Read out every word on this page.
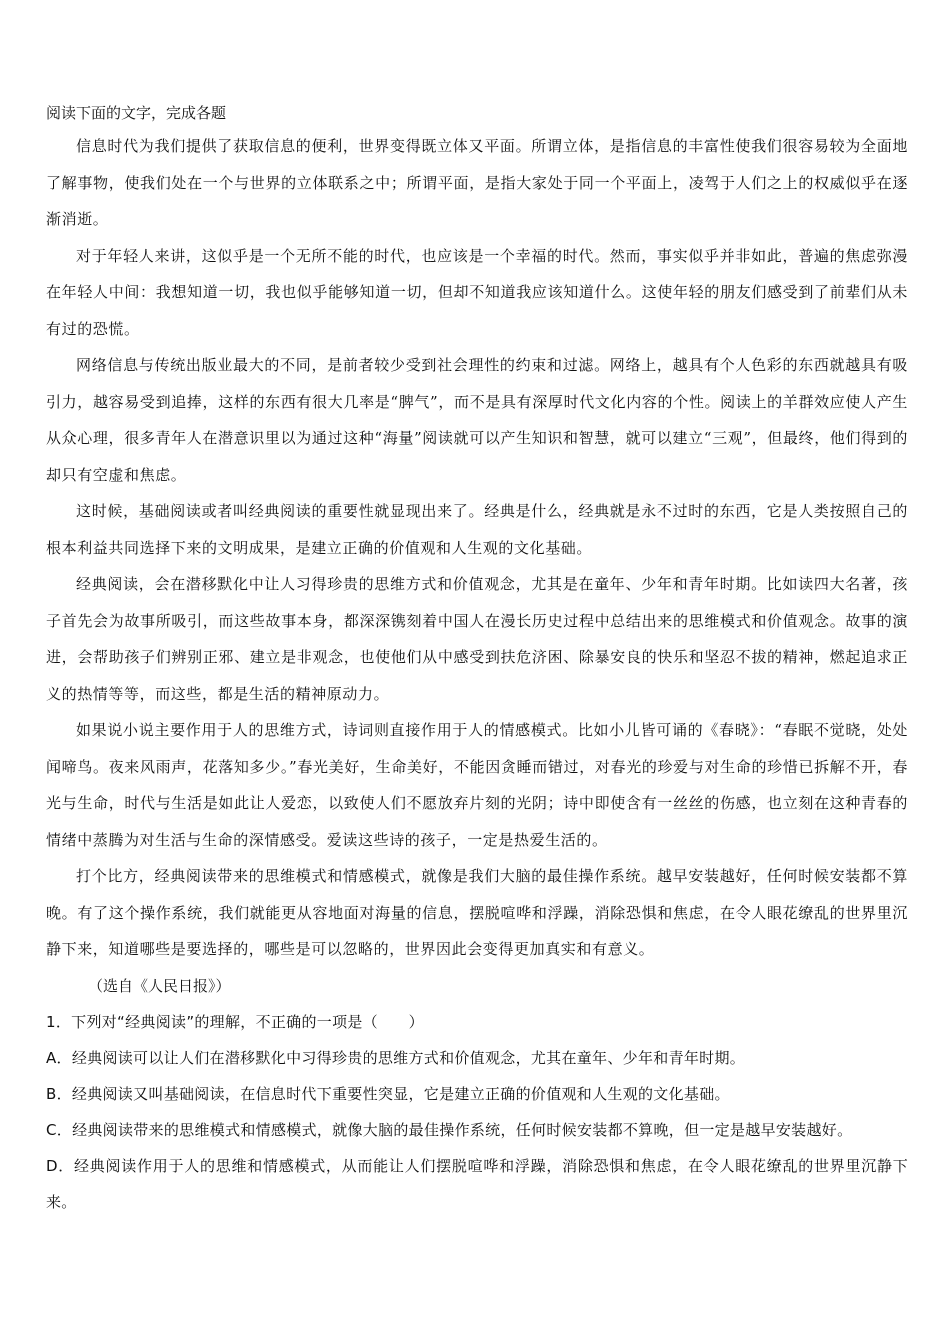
阅读下面的文字，完成各题

信息时代为我们提供了获取信息的便利，世界变得既立体又平面。所谓立体，是指信息的丰富性使我们很容易较为全面地了解事物，使我们处在一个与世界的立体联系之中；所谓平面，是指大家处于同一个平面上，凌驾于人们之上的权威似乎在逐渐消逝。

对于年轻人来讲，这似乎是一个无所不能的时代，也应该是一个幸福的时代。然而，事实似乎并非如此，普遍的焦虑弥漫在年轻人中间：我想知道一切，我也似乎能够知道一切，但却不知道我应该知道什么。这使年轻的朋友们感受到了前辈们从未有过的恐慌。

网络信息与传统出版业最大的不同，是前者较少受到社会理性的约束和过滤。网络上，越具有个人色彩的东西就越具有吸引力，越容易受到追捧，这样的东西有很大几率是“脾气”，而不是具有深厚时代文化内容的个性。阅读上的羊群效应使人产生从众心理，很多青年人在潜意识里以为通过这种“海量”阅读就可以产生知识和智慧，就可以建立“三观”，但最终，他们得到的却只有空虚和焦虑。

这时候，基础阅读或者叫经典阅读的重要性就显现出来了。经典是什么，经典就是永不过时的东西，它是人类按照自己的根本利益共同选择下来的文明成果，是建立正确的价值观和人生观的文化基础。

经典阅读，会在潜移默化中让人习得珍贵的思维方式和价值观念，尤其是在童年、少年和青年时期。比如读四大名著，孩子首先会为故事所吸引，而这些故事本身，都深深镌刻着中国人在漫长历史过程中总结出来的思维模式和价值观念。故事的演进，会帮助孩子们辨别正邪、建立是非观念，也使他们从中感受到扶危济困、除暴安良的快乐和坚忍不拔的精神，燃起追求正义的热情等等，而这些，都是生活的精神原动力。

如果说小说主要作用于人的思维方式，诗词则直接作用于人的情感模式。比如小儿皆可诵的《春晓》：“春眠不觉晓，处处闻啼鸟。夜来风雨声，花落知多少。”春光美好，生命美好，不能因贪睡而错过，对春光的珍爱与对生命的珍惜已拆解不开，春光与生命，时代与生活是如此让人爱恋，以致使人们不愿放弃片刻的光阴；诗中即使含有一丝丝的伤感，也立刻在这种青春的情绪中蒸腾为对生活与生命的深情感受。爱读这些诗的孩子，一定是热爱生活的。

打个比方，经典阅读带来的思维模式和情感模式，就像是我们大脑的最佳操作系统。越早安装越好，任何时候安装都不算晚。有了这个操作系统，我们就能更从容地面对海量的信息，摆脱喧哗和浮躁，消除恐惧和焦虑，在令人眼花缭乱的世界里沉静下来，知道哪些是要选择的，哪些是可以忽略的，世界因此会变得更加真实和有意义。

（选自《人民日报》）

1．下列对“经典阅读”的理解，不正确的一项是（　　）

A．经典阅读可以让人们在潜移默化中习得珍贵的思维方式和价值观念，尤其在童年、少年和青年时期。

B．经典阅读又叫基础阅读，在信息时代下重要性突显，它是建立正确的价值观和人生观的文化基础。

C．经典阅读带来的思维模式和情感模式，就像大脑的最佳操作系统，任何时候安装都不算晚，但一定是越早安装越好。

D．经典阅读作用于人的思维和情感模式，从而能让人们摆脱喧哗和浮躁，消除恐惧和焦虑，在令人眼花缭乱的世界里沉静下来。
